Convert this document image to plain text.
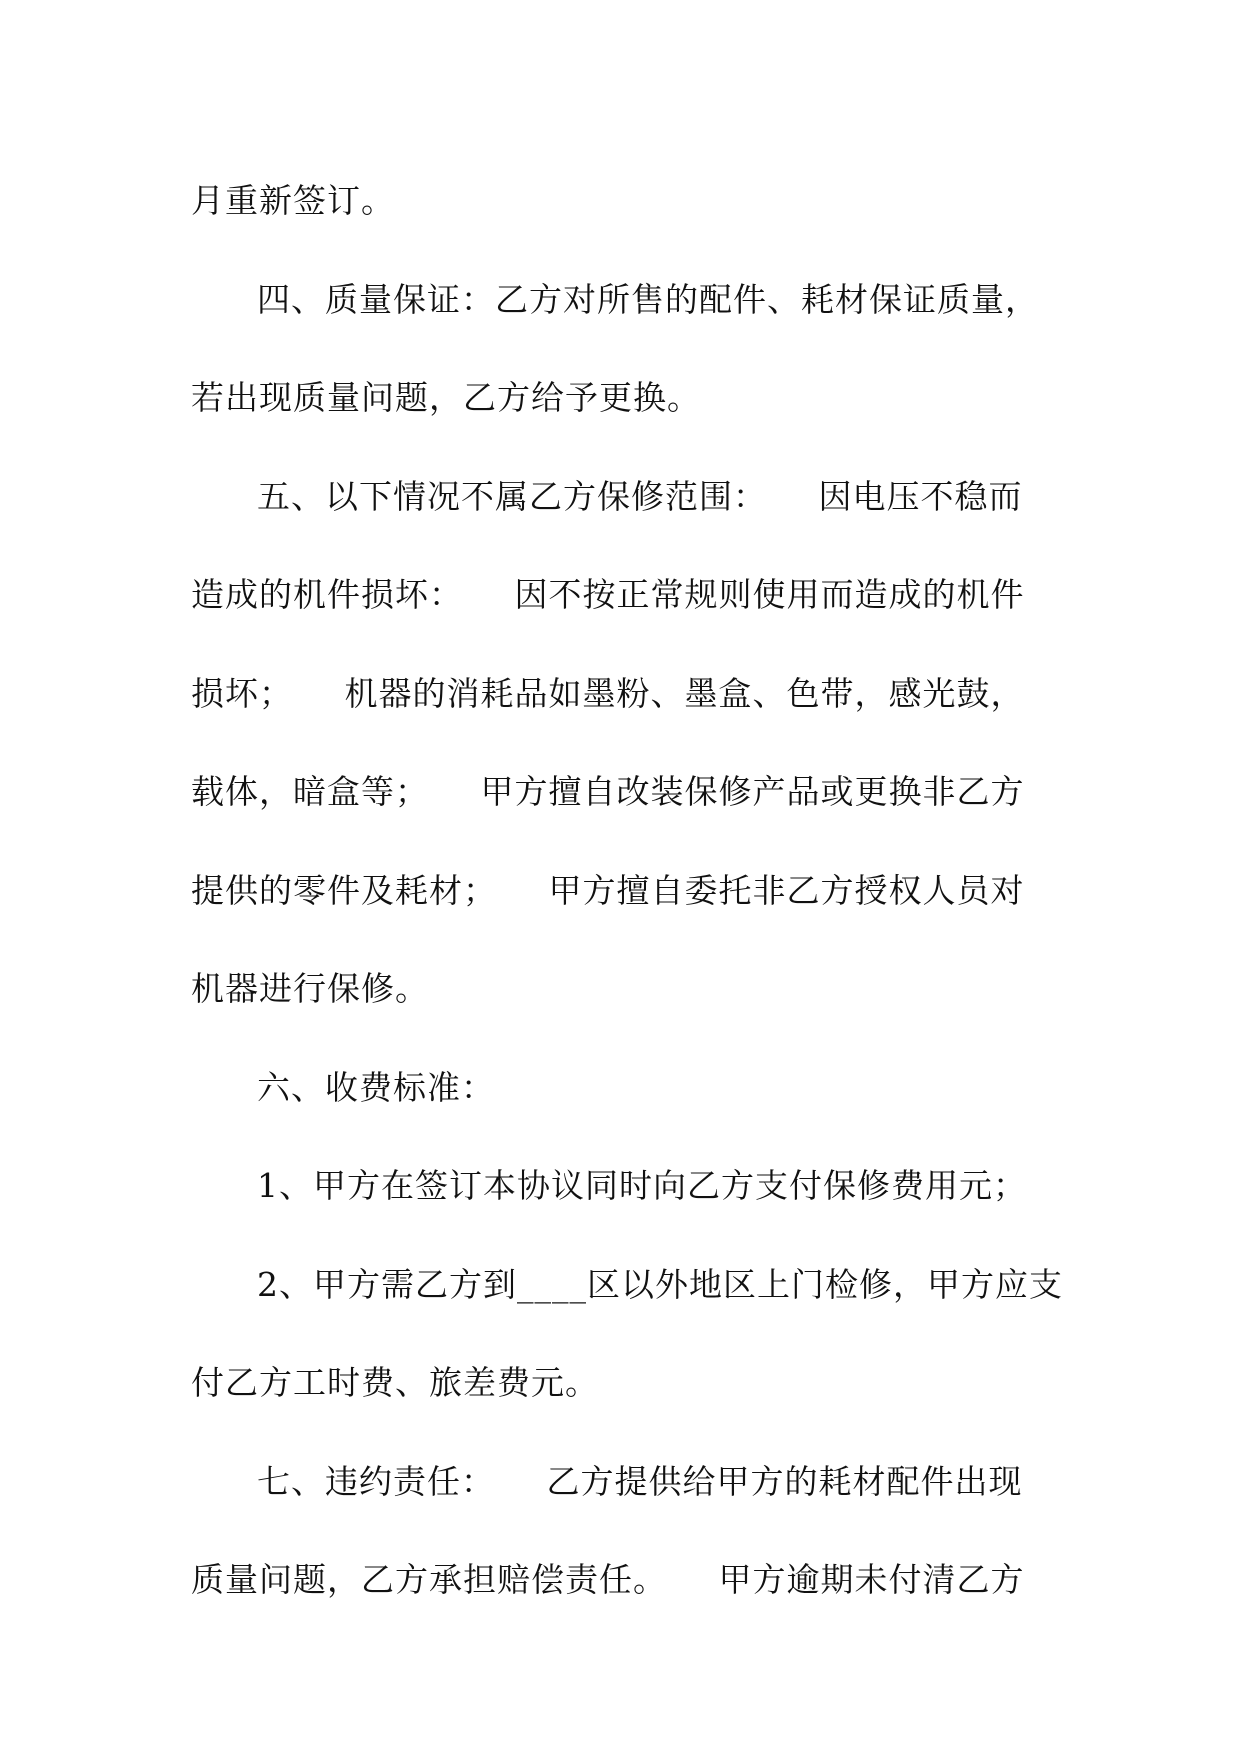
月重新签订。
四、质量保证：乙方对所售的配件、耗材保证质量，
若出现质量问题，乙方给予更换。
五、以下情况不属乙方保修范围：　　因电压不稳而
造成的机件损坏：　　因不按正常规则使用而造成的机件
损坏；　　机器的消耗品如墨粉、墨盒、色带，感光鼓，
载体，暗盒等；　　甲方擅自改装保修产品或更换非乙方
提供的零件及耗材；　　甲方擅自委托非乙方授权人员对
机器进行保修。
六、收费标准：
1、甲方在签订本协议同时向乙方支付保修费用元；
2、甲方需乙方到____区以外地区上门检修，甲方应支
付乙方工时费、旅差费元。
七、违约责任：　　乙方提供给甲方的耗材配件出现
质量问题，乙方承担赔偿责任。　　甲方逾期未付清乙方
